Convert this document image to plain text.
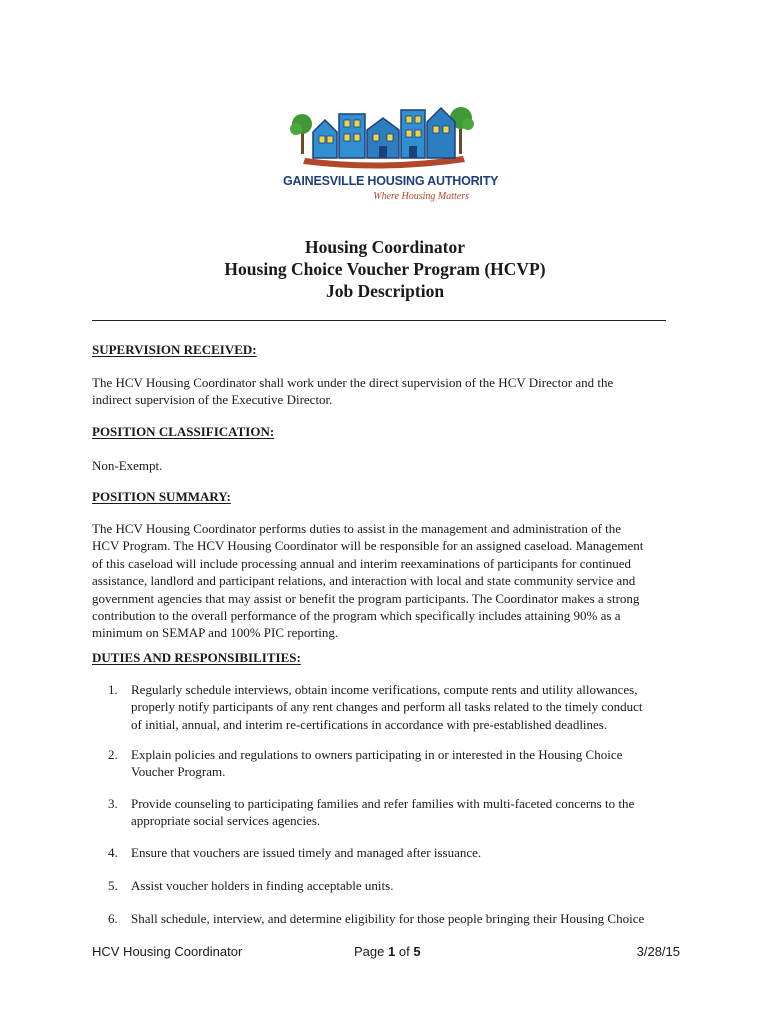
GAINESVILLE HOUSING AUTHORITY
Where Housing Matters
Housing Coordinator
Housing Choice Voucher Program (HCVP)
Job Description
SUPERVISION RECEIVED:
The HCV Housing Coordinator shall work under the direct supervision of the HCV Director and the
indirect supervision of the Executive Director.
POSITION CLASSIFICATION:
Non-Exempt.
POSITION SUMMARY:
The HCV Housing Coordinator performs duties to assist in the management and administration of the
HCV Program. The HCV Housing Coordinator will be responsible for an assigned caseload. Management
of this caseload will include processing annual and interim reexaminations of participants for continued
assistance, landlord and participant relations, and interaction with local and state community service and
government agencies that may assist or benefit the program participants. The Coordinator makes a strong
contribution to the overall performance of the program which specifically includes attaining 90% as a
minimum on SEMAP and 100% PIC reporting.
DUTIES AND RESPONSIBILITIES:
1.	Regularly schedule interviews, obtain income verifications, compute rents and utility allowances,
properly notify participants of any rent changes and perform all tasks related to the timely conduct
of initial, annual, and interim re-certifications in accordance with pre-established deadlines.
2.	Explain policies and regulations to owners participating in or interested in the Housing Choice
Voucher Program.
3.	Provide counseling to participating families and refer families with multi-faceted concerns to the
appropriate social services agencies.
4.	Ensure that vouchers are issued timely and managed after issuance.
5.	Assist voucher holders in finding acceptable units.
6.	Shall schedule, interview, and determine eligibility for those people bringing their Housing Choice
HCV Housing Coordinator	Page 1 of 5	3/28/15
